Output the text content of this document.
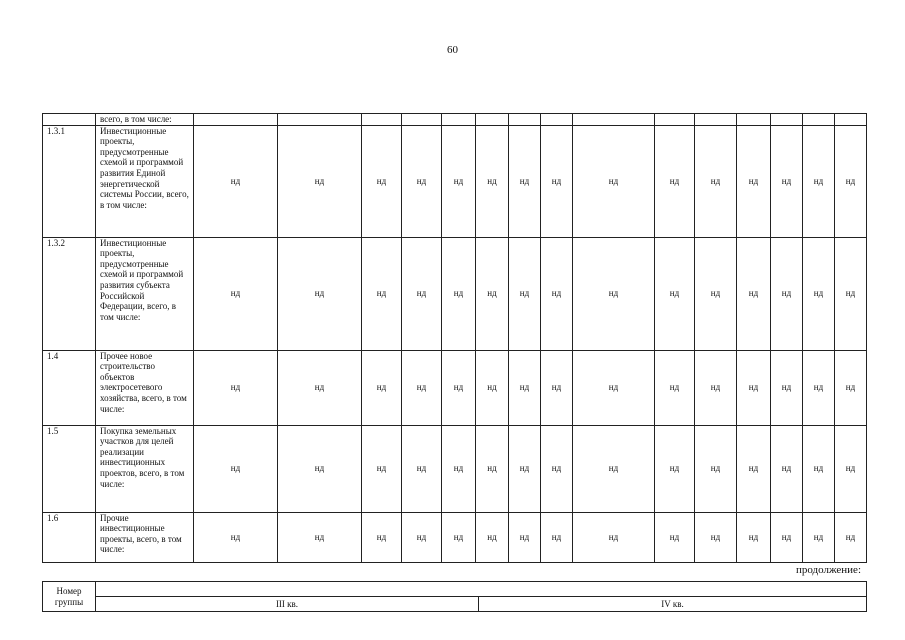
60
	всего, в том числе:															
1.3.1	Инвестиционные проекты, предусмотренные схемой и программой развития Единой энергетической системы России, всего, в том числе:	нд	нд	нд	нд	нд	нд	нд	нд	нд	нд	нд	нд	нд	нд	нд
1.3.2	Инвестиционные проекты, предусмотренные схемой и программой развития субъекта Российской Федерации, всего, в том числе:	нд	нд	нд	нд	нд	нд	нд	нд	нд	нд	нд	нд	нд	нд	нд
1.4	Прочее новое строительство объектов электросетевого хозяйства, всего, в том числе:	нд	нд	нд	нд	нд	нд	нд	нд	нд	нд	нд	нд	нд	нд	нд
1.5	Покупка земельных участков для целей реализации инвестиционных проектов, всего, в том числе:	нд	нд	нд	нд	нд	нд	нд	нд	нд	нд	нд	нд	нд	нд	нд
1.6	Прочие инвестиционные проекты, всего, в том числе:	нд	нд	нд	нд	нд	нд	нд	нд	нд	нд	нд	нд	нд	нд	нд
продолжение:
Номер
группы		
	III кв.	IV кв.
